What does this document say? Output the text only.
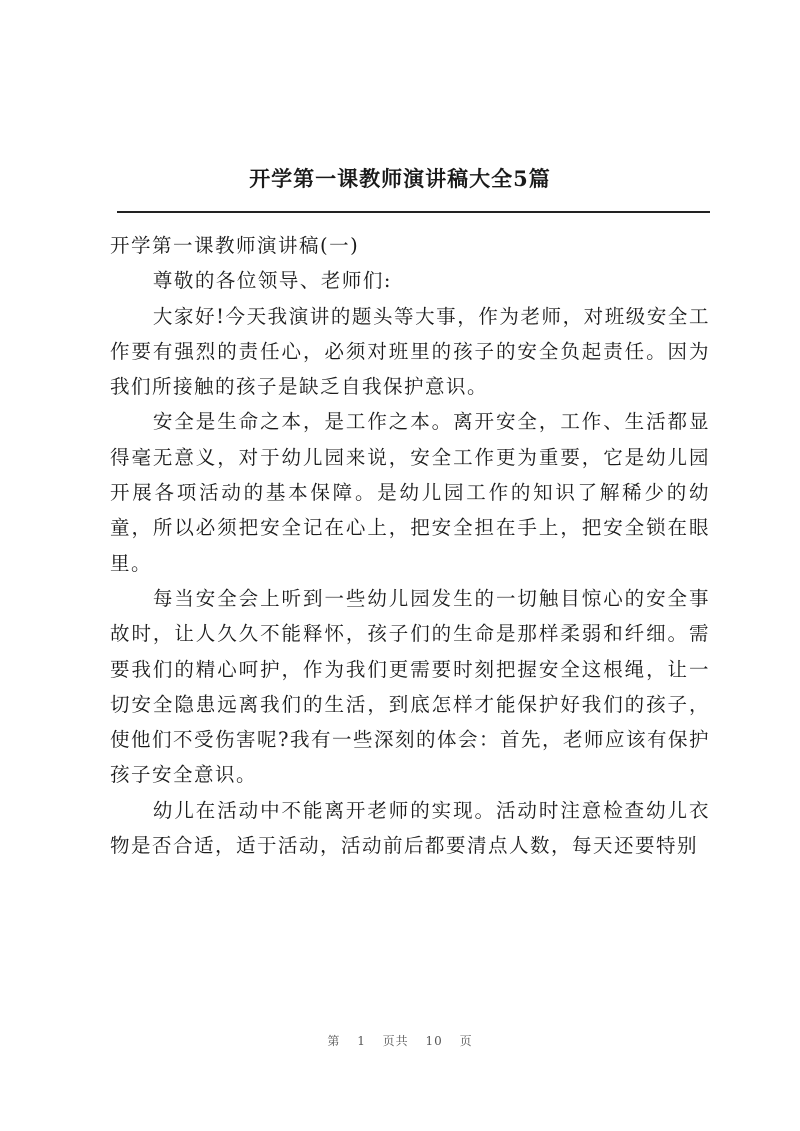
开学第一课教师演讲稿大全5篇

开学第一课教师演讲稿(一)

尊敬的各位领导、老师们:

大家好!今天我演讲的题头等大事，作为老师，对班级安全工作要有强烈的责任心，必须对班里的孩子的安全负起责任。因为我们所接触的孩子是缺乏自我保护意识。

安全是生命之本，是工作之本。离开安全，工作、生活都显得毫无意义，对于幼儿园来说，安全工作更为重要，它是幼儿园开展各项活动的基本保障。是幼儿园工作的知识了解稀少的幼童，所以必须把安全记在心上，把安全担在手上，把安全锁在眼里。

每当安全会上听到一些幼儿园发生的一切触目惊心的安全事故时，让人久久不能释怀，孩子们的生命是那样柔弱和纤细。需要我们的精心呵护，作为我们更需要时刻把握安全这根绳，让一切安全隐患远离我们的生活，到底怎样才能保护好我们的孩子，使他们不受伤害呢?我有一些深刻的体会：首先，老师应该有保护孩子安全意识。

幼儿在活动中不能离开老师的实现。活动时注意检查幼儿衣物是否合适，适于活动，活动前后都要清点人数，每天还要特别

第 1 页共 10 页
